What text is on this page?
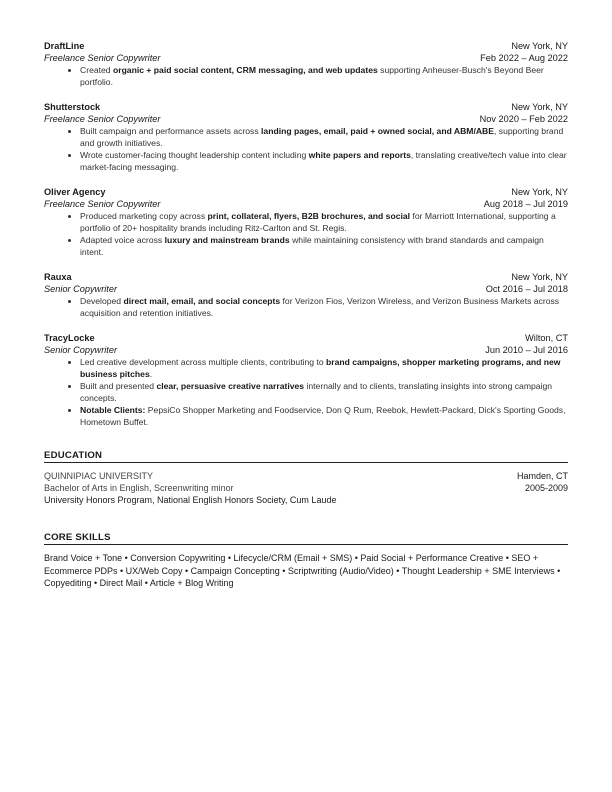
DraftLine	New York, NY
Freelance Senior Copywriter	Feb 2022 – Aug 2022
• Created organic + paid social content, CRM messaging, and web updates supporting Anheuser-Busch's Beyond Beer portfolio.
Shutterstock	New York, NY
Freelance Senior Copywriter	Nov 2020 – Feb 2022
• Built campaign and performance assets across landing pages, email, paid + owned social, and ABM/ABE, supporting brand and growth initiatives.
• Wrote customer-facing thought leadership content including white papers and reports, translating creative/tech value into clear market-facing messaging.
Oliver Agency	New York, NY
Freelance Senior Copywriter	Aug 2018 – Jul 2019
• Produced marketing copy across print, collateral, flyers, B2B brochures, and social for Marriott International, supporting a portfolio of 20+ hospitality brands including Ritz-Carlton and St. Regis.
• Adapted voice across luxury and mainstream brands while maintaining consistency with brand standards and campaign intent.
Rauxa	New York, NY
Senior Copywriter	Oct 2016 – Jul 2018
• Developed direct mail, email, and social concepts for Verizon Fios, Verizon Wireless, and Verizon Business Markets across acquisition and retention initiatives.
TracyLocke	Wilton, CT
Senior Copywriter	Jun 2010 – Jul 2016
• Led creative development across multiple clients, contributing to brand campaigns, shopper marketing programs, and new business pitches.
• Built and presented clear, persuasive creative narratives internally and to clients, translating insights into strong campaign concepts.
• Notable Clients: PepsiCo Shopper Marketing and Foodservice, Don Q Rum, Reebok, Hewlett-Packard, Dick's Sporting Goods, Hometown Buffet.
EDUCATION
QUINNIPIAC UNIVERSITY	Hamden, CT
Bachelor of Arts in English, Screenwriting minor	2005-2009
University Honors Program, National English Honors Society, Cum Laude
CORE SKILLS
Brand Voice + Tone • Conversion Copywriting • Lifecycle/CRM (Email + SMS) • Paid Social + Performance Creative • SEO + Ecommerce PDPs • UX/Web Copy • Campaign Concepting • Scriptwriting (Audio/Video) • Thought Leadership + SME Interviews • Copyediting • Direct Mail • Article + Blog Writing
